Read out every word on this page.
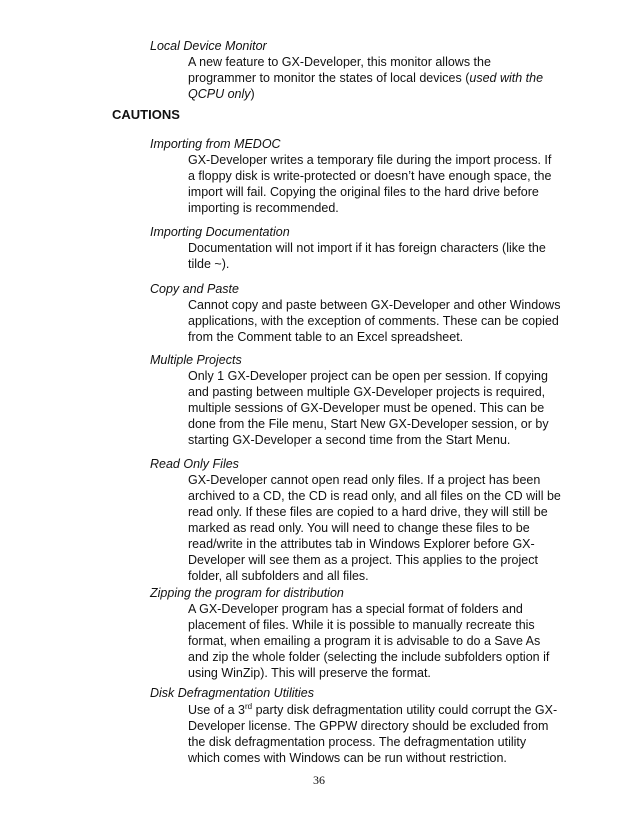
Local Device Monitor
A new feature to GX-Developer, this monitor allows the
programmer to monitor the states of local devices (used with the
QCPU only)
CAUTIONS
Importing from MEDOC
GX-Developer writes a temporary file during the import process. If
a floppy disk is write-protected or doesn’t have enough space, the
import will fail. Copying the original files to the hard drive before
importing is recommended.
Importing Documentation
Documentation will not import if it has foreign characters (like the
tilde ~).
Copy and Paste
Cannot copy and paste between GX-Developer and other Windows
applications, with the exception of comments. These can be copied
from the Comment table to an Excel spreadsheet.
Multiple Projects
Only 1 GX-Developer project can be open per session. If copying
and pasting between multiple GX-Developer projects is required,
multiple sessions of GX-Developer must be opened. This can be
done from the File menu, Start New GX-Developer session, or by
starting GX-Developer a second time from the Start Menu.
Read Only Files
GX-Developer cannot open read only files. If a project has been
archived to a CD, the CD is read only, and all files on the CD will be
read only. If these files are copied to a hard drive, they will still be
marked as read only. You will need to change these files to be
read/write in the attributes tab in Windows Explorer before GX-
Developer will see them as a project. This applies to the project
folder, all subfolders and all files.
Zipping the program for distribution
A GX-Developer program has a special format of folders and
placement of files. While it is possible to manually recreate this
format, when emailing a program it is advisable to do a Save As
and zip the whole folder (selecting the include subfolders option if
using WinZip). This will preserve the format.
Disk Defragmentation Utilities
Use of a 3rd party disk defragmentation utility could corrupt the GX-
Developer license. The GPPW directory should be excluded from
the disk defragmentation process. The defragmentation utility
which comes with Windows can be run without restriction.
36
